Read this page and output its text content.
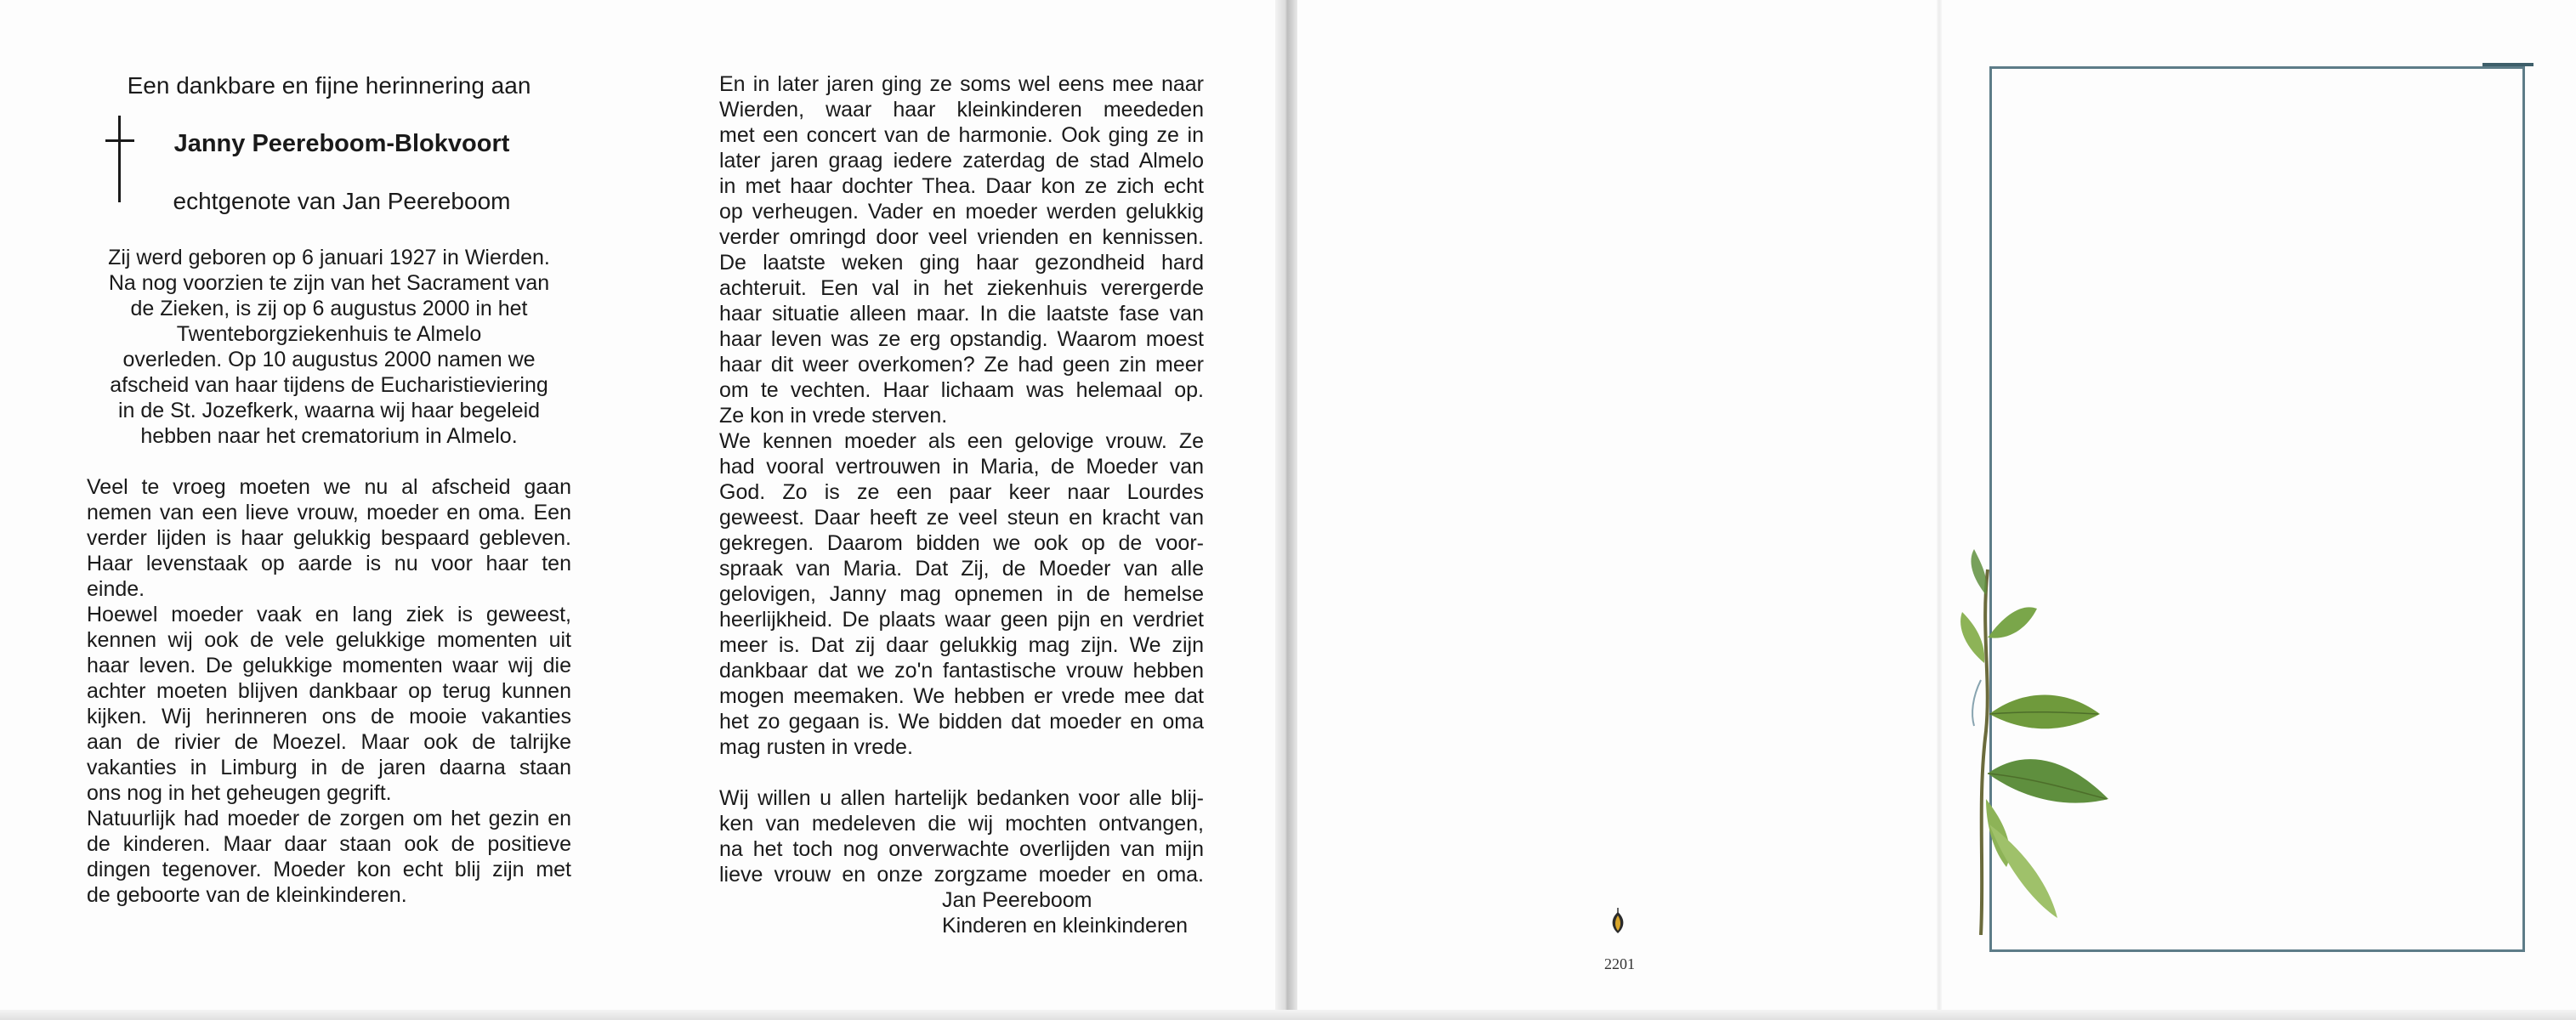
Een dankbare en fijne herinnering aan
Janny Peereboom-Blokvoort
echtgenote van Jan Peereboom

Zij werd geboren op 6 januari 1927 in Wierden.

Na nog voorzien te zijn van het Sacrament van

de Zieken, is zij op 6 augustus 2000 in het

Twenteborgziekenhuis te Almelo

overleden. Op 10 augustus 2000 namen we

afscheid van haar tijdens de Eucharistieviering

in de St. Jozefkerk, waarna wij haar begeleid

hebben naar het crematorium in Almelo.

Veel te vroeg moeten we nu al afscheid gaan
nemen van een lieve vrouw, moeder en oma. Een
verder lijden is haar gelukkig bespaard gebleven.
Haar levenstaak op aarde is nu voor haar ten
einde.
Hoewel moeder vaak en lang ziek is geweest,
kennen wij ook de vele gelukkige momenten uit
haar leven. De gelukkige momenten waar wij die
achter moeten blijven dankbaar op terug kunnen
kijken. Wij herinneren ons de mooie vakanties
aan de rivier de Moezel. Maar ook de talrijke
vakanties in Limburg in de jaren daarna staan
ons nog in het geheugen gegrift.
Natuurlijk had moeder de zorgen om het gezin en
de kinderen. Maar daar staan ook de positieve
dingen tegenover. Moeder kon echt blij zijn met
de geboorte van de kleinkinderen.
En in later jaren ging ze soms wel eens mee naar
Wierden, waar haar kleinkinderen meededen
met een concert van de harmonie. Ook ging ze in
later jaren graag iedere zaterdag de stad Almelo
in met haar dochter Thea. Daar kon ze zich echt
op verheugen. Vader en moeder werden gelukkig
verder omringd door veel vrienden en kennissen.
De laatste weken ging haar gezondheid hard
achteruit. Een val in het ziekenhuis verergerde
haar situatie alleen maar. In die laatste fase van
haar leven was ze erg opstandig. Waarom moest
haar dit weer overkomen? Ze had geen zin meer
om te vechten. Haar lichaam was helemaal op.
Ze kon in vrede sterven.
We kennen moeder als een gelovige vrouw. Ze
had vooral vertrouwen in Maria, de Moeder van
God. Zo is ze een paar keer naar Lourdes
geweest. Daar heeft ze veel steun en kracht van
gekregen. Daarom bidden we ook op de voor-
spraak van Maria. Dat Zij, de Moeder van alle
gelovigen, Janny mag opnemen in de hemelse
heerlijkheid. De plaats waar geen pijn en verdriet
meer is. Dat zij daar gelukkig mag zijn. We zijn
dankbaar dat we zo'n fantastische vrouw hebben
mogen meemaken. We hebben er vrede mee dat
het zo gegaan is. We bidden dat moeder en oma
mag rusten in vrede.
Wij willen u allen hartelijk bedanken voor alle blij-
ken van medeleven die wij mochten ontvangen,
na het toch nog onverwachte overlijden van mijn
lieve vrouw en onze zorgzame moeder en oma.
Jan Peereboom
Kinderen en kleinkinderen
2201
